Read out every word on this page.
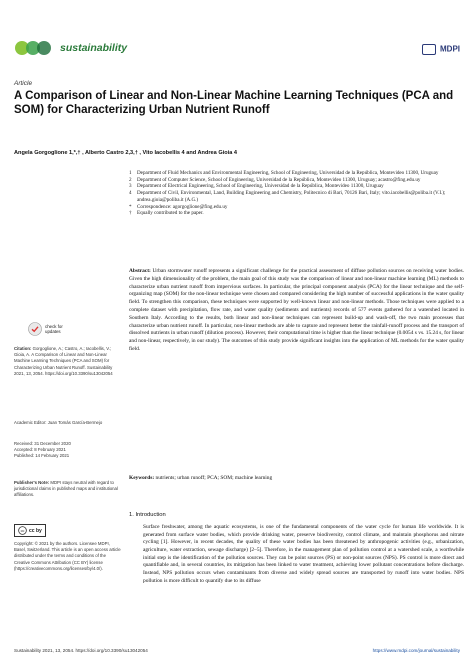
sustainability	MDPI
Article
A Comparison of Linear and Non-Linear Machine Learning Techniques (PCA and SOM) for Characterizing Urban Nutrient Runoff
Angela Gorgoglione 1,*,† , Alberto Castro 2,3,† , Vito Iacobellis 4 and Andrea Gioia 4
1	Department of Fluid Mechanics and Environmental Engineering, School of Engineering, Universidad de la República, Montevideo 11300, Uruguay
2	Department of Computer Science, School of Engineering, Universidad de la República, Montevideo 11300, Uruguay; acastro@fing.edu.uy
3	Department of Electrical Engineering, School of Engineering, Universidad de la República, Montevideo 11300, Uruguay
4	Department of Civil, Environmental, Land, Building Engineering and Chemistry, Politecnico di Bari, 70126 Bari, Italy; vito.iacobellis@poliba.it (V.I.); andrea.gioia@poliba.it (A.G.)
*	Correspondence: agorgoglione@fing.edu.uy
†	Equally contributed to the paper.
Abstract: Urban stormwater runoff represents a significant challenge for the practical assessment of diffuse pollution sources on receiving water bodies. Given the high dimensionality of the problem, the main goal of this study was the comparison of linear and non-linear machine learning (ML) methods to characterize urban nutrient runoff from impervious surfaces. In particular, the principal component analysis (PCA) for the linear technique and the self-organizing map (SOM) for the non-linear technique were chosen and compared considering the high number of successful applications in the water quality field. To strengthen this comparison, these techniques were supported by well-known linear and non-linear methods. Those techniques were applied to a complete dataset with precipitation, flow rate, and water quality (sediments and nutrients) records of 577 events gathered for a watershed located in Southern Italy. According to the results, both linear and non-linear techniques can represent build-up and wash-off, the two main processes that characterize urban nutrient runoff. In particular, non-linear methods are able to capture and represent better the rainfall-runoff process and the transport of dissolved nutrients in urban runoff (dilution process). However, their computational time is higher than the linear technique (0.0054 s vs. 15.24 s, for linear and non-linear, respectively, in our study). The outcomes of this study provide significant insights into the application of ML methods for the water quality field.
Keywords: nutrients; urban runoff; PCA; SOM; machine learning
check for updates
Citation: Gorgoglione, A.; Castro, A.; Iacobellis, V.; Gioia, A. A Comparison of Linear and Non-Linear Machine Learning Techniques (PCA and SOM) for Characterizing Urban Nutrient Runoff. Sustainability 2021, 13, 2054. https://doi.org/10.3390/su13042054
Academic Editor: Juan Tomás García-Bermejo
Received: 31 December 2020
Accepted: 8 February 2021
Published: 14 February 2021
Publisher's Note: MDPI stays neutral with regard to jurisdictional claims in published maps and institutional affiliations.
cc cc by
Copyright: © 2021 by the authors. Licensee MDPI, Basel, Switzerland. This article is an open access article distributed under the terms and conditions of the Creative Commons Attribution (CC BY) license (https://creativecommons.org/licenses/by/4.0/).
1. Introduction
Surface freshwater, among the aquatic ecosystems, is one of the fundamental components of the water cycle for human life worldwide. It is generated from surface water bodies, which provide drinking water, preserve biodiversity, control climate, and maintain phosphorus and nitrate cycling [1]. However, in recent decades, the quality of these water bodies has been threatened by anthropogenic activities (e.g., urbanization, agriculture, water extraction, sewage discharge) [2–5]. Therefore, in the management plan of pollution control at a watershed scale, a worthwhile initial step is the identification of the pollution sources. They can be point sources (PS) or non-point sources (NPS). PS control is more direct and quantifiable and, in several countries, its mitigation has been linked to water treatment, achieving lower pollutant concentrations before discharge. Instead, NPS pollution occurs when contaminants from diverse and widely spread sources are transported by runoff into water bodies. NPS pollution is more difficult to quantify due to its diffuse
Sustainability 2021, 13, 2054. https://doi.org/10.3390/su13042054	https://www.mdpi.com/journal/sustainability
